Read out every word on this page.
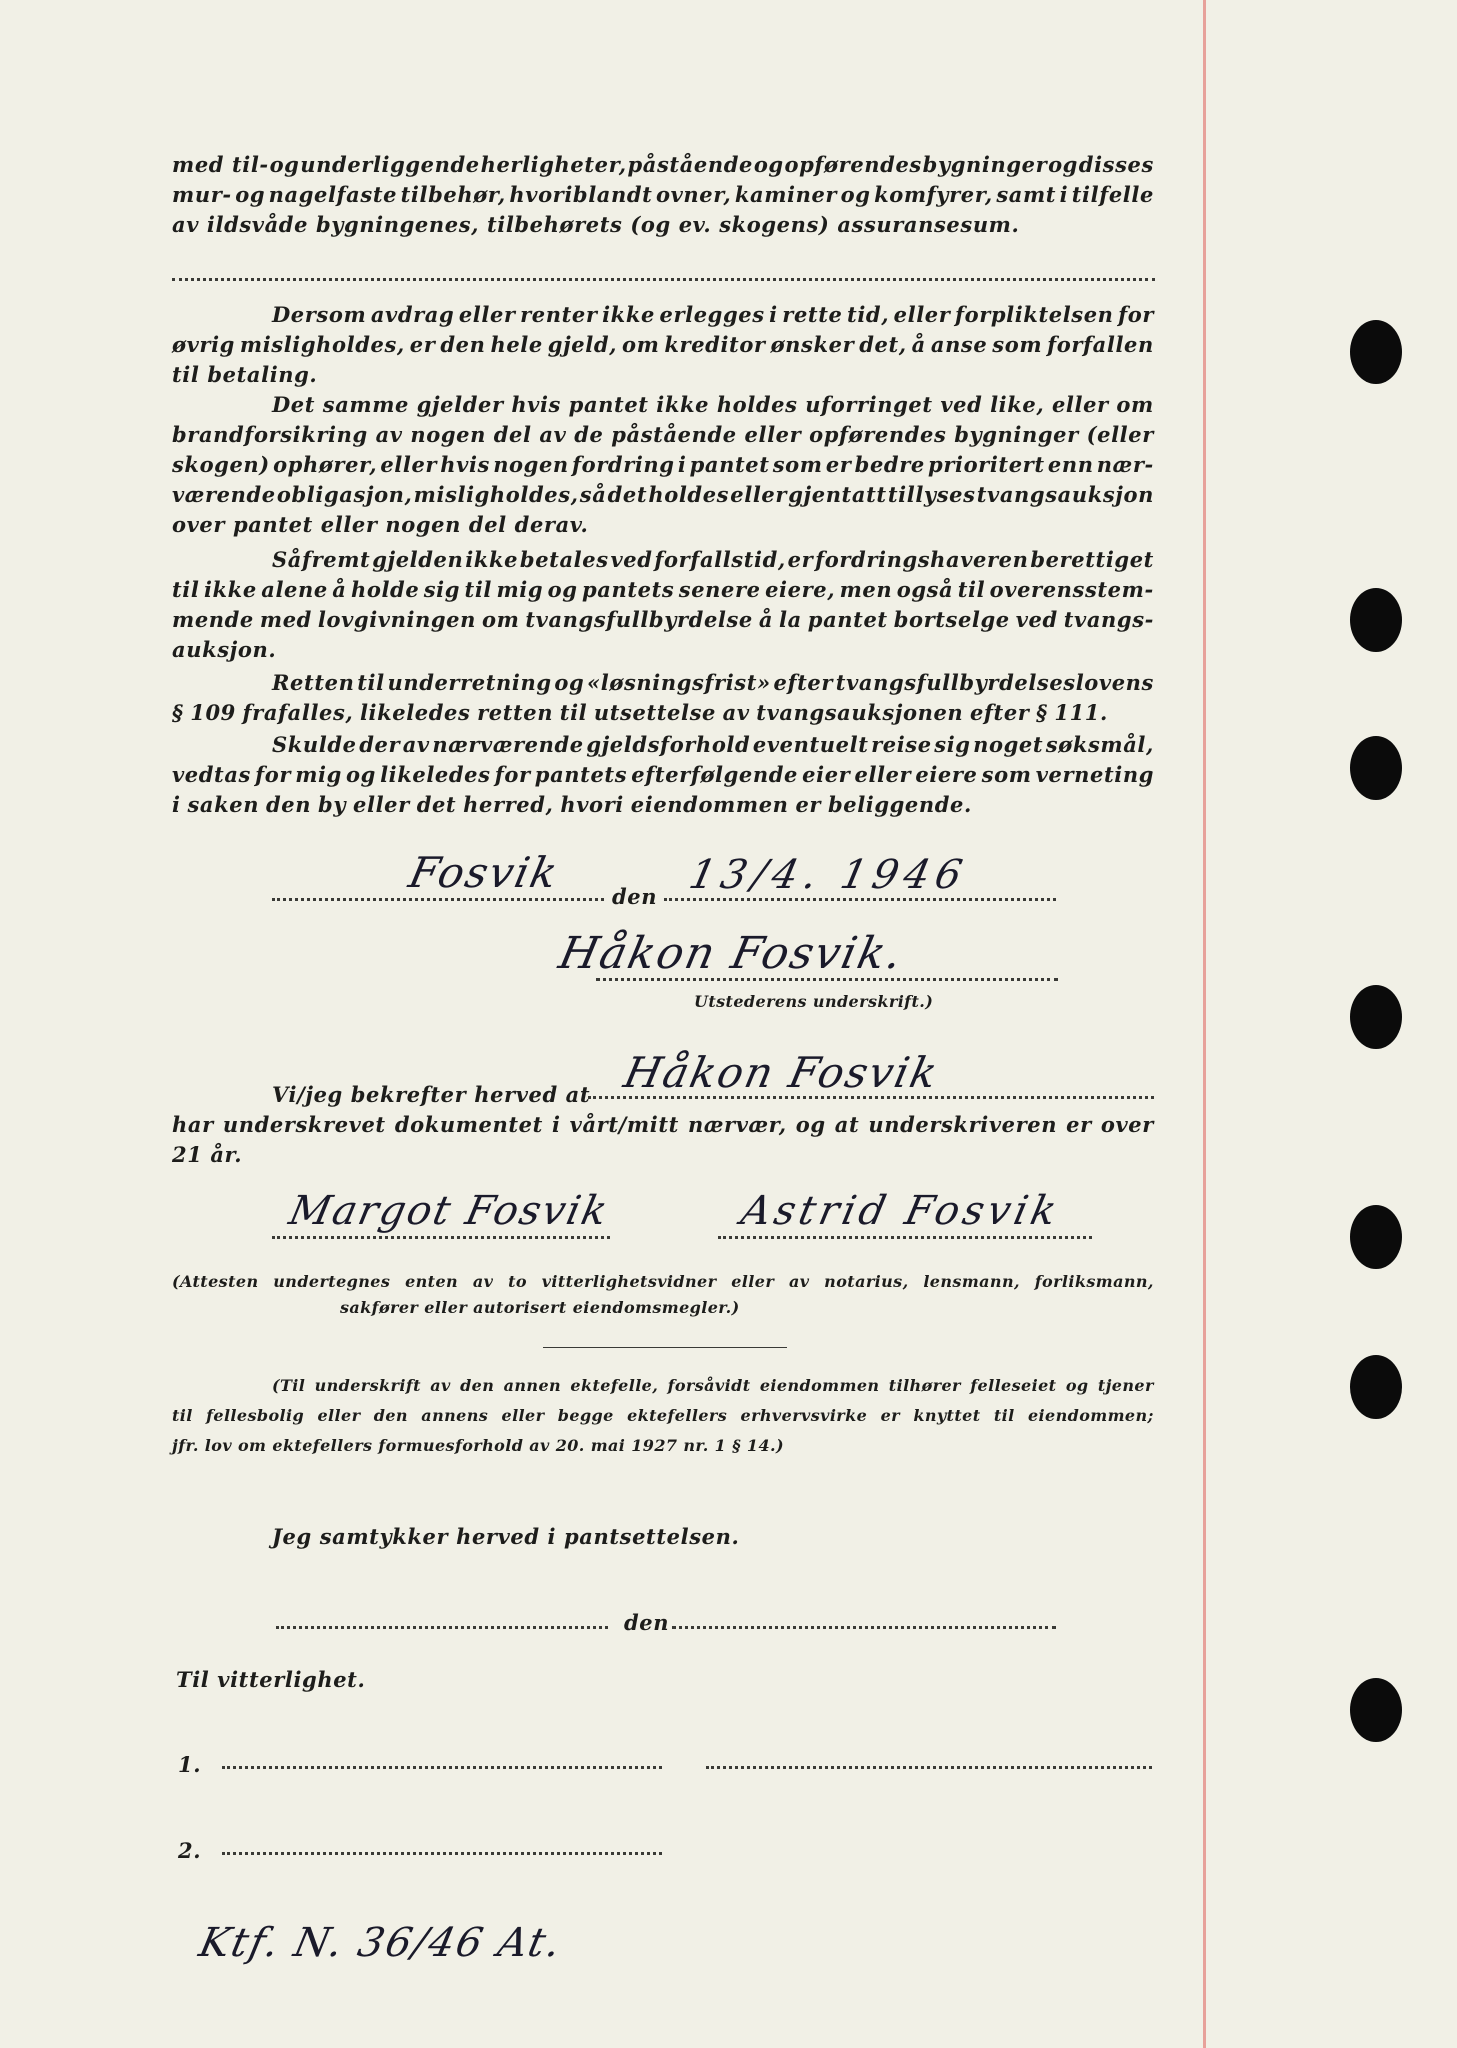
med til- og underliggende herligheter, påstående og opførendes bygninger og disses
mur- og nagelfaste tilbehør, hvoriblandt ovner, kaminer og komfyrer, samt i tilfelle
av ildsvåde bygningenes, tilbehørets (og ev. skogens) assuransesum.
Dersom avdrag eller renter ikke erlegges i rette tid, eller forpliktelsen for
øvrig misligholdes, er den hele gjeld, om kreditor ønsker det, å anse som forfallen
til betaling.
Det samme gjelder hvis pantet ikke holdes uforringet ved like, eller om
brandforsikring av nogen del av de påstående eller opførendes bygninger (eller
skogen) ophører, eller hvis nogen fordring i pantet som er bedre prioritert enn nær-
værende obligasjon, misligholdes, så det holdes eller gjentatt tillyses tvangsauksjon
over pantet eller nogen del derav.
Såfremt gjelden ikke betales ved forfallstid, er fordringshaveren berettiget
til ikke alene å holde sig til mig og pantets senere eiere, men også til overensstem-
mende med lovgivningen om tvangsfullbyrdelse å la pantet bortselge ved tvangs-
auksjon.
Retten til underretning og «løsningsfrist» efter tvangsfullbyrdelseslovens
§ 109 frafalles, likeledes retten til utsettelse av tvangsauksjonen efter § 111.
Skulde der av nærværende gjeldsforhold eventuelt reise sig noget søksmål,
vedtas for mig og likeledes for pantets efterfølgende eier eller eiere som verneting
i saken den by eller det herred, hvori eiendommen er beliggende.
Fosvik den 13/4. 1946
Håkon Fosvik.
Utstederens underskrift.)
Vi/jeg bekrefter herved at Håkon Fosvik
har underskrevet dokumentet i vårt/mitt nærvær, og at underskriveren er over
21 år.
Margot Fosvik	Astrid Fosvik
(Attesten undertegnes enten av to vitterlighetsvidner eller av notarius, lensmann, forliksmann,
sakfører eller autorisert eiendomsmegler.)
(Til underskrift av den annen ektefelle, forsåvidt eiendommen tilhører felleseiet og tjener
til fellesbolig eller den annens eller begge ektefellers erhvervsvirke er knyttet til eiendommen;
jfr. lov om ektefellers formuesforhold av 20. mai 1927 nr. 1 § 14.)
Jeg samtykker herved i pantsettelsen.
den
Til vitterlighet.
1.
2.
Ktf. N. 36/46 At.
